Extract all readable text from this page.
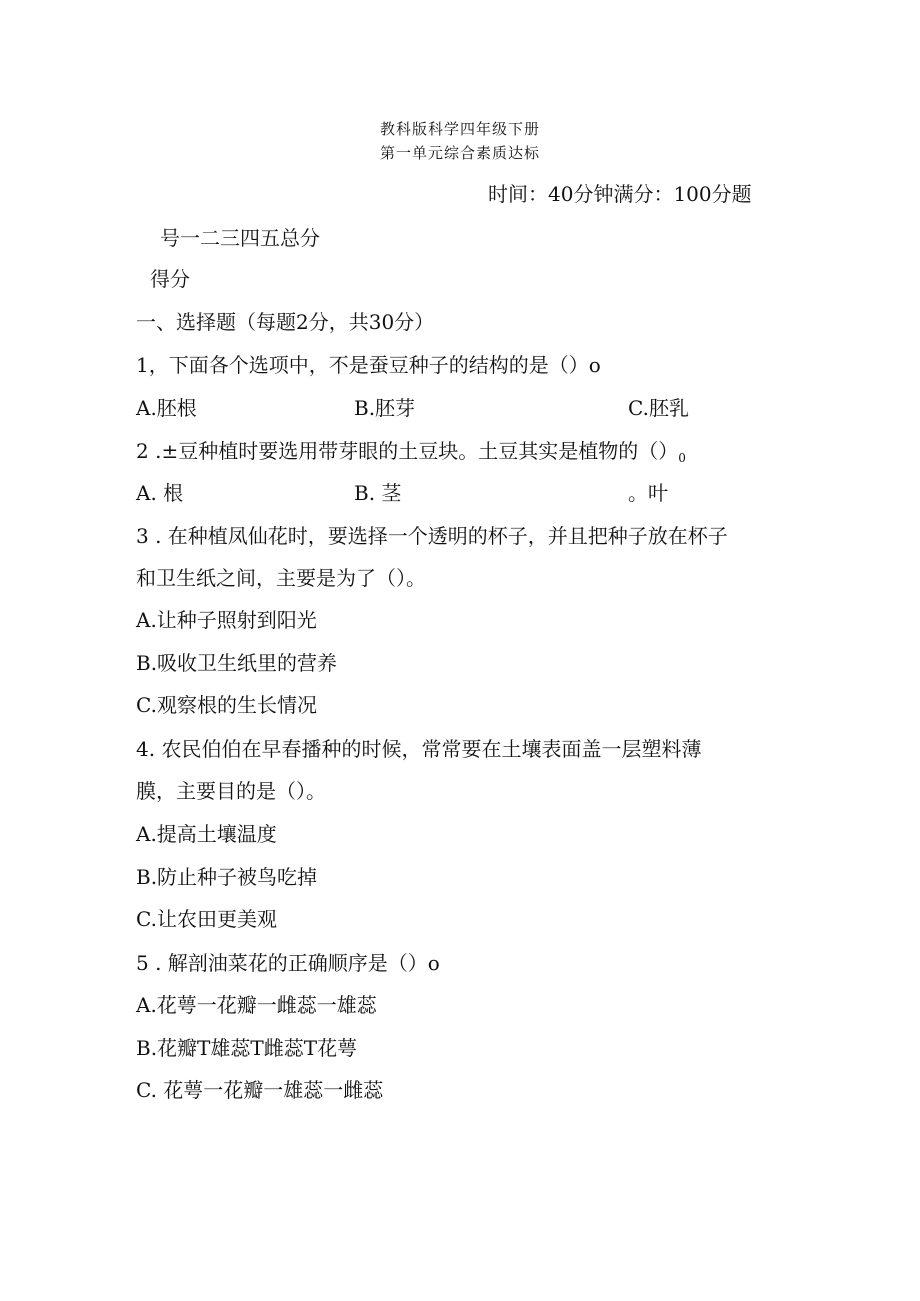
教科版科学四年级下册
第一单元综合素质达标
时间：40分钟满分：100分题
号一二三四五总分
得分
一、选择题（每题2分，共30分）
1，下面各个选项中，不是蚕豆种子的结构的是（）o
A.胚根	B.胚芽	C.胚乳
2 .±豆种植时要选用带芽眼的土豆块。土豆其实是植物的$()_0$
A. 根	B. 茎	。叶
3 . 在种植凤仙花时，要选择一个透明的杯子，并且把种子放在杯子
和卫生纸之间，主要是为了（）。
A.让种子照射到阳光
B.吸收卫生纸里的营养
C.观察根的生长情况
4. 农民伯伯在早春播种的时候，常常要在土壤表面盖一层塑料薄
膜，主要目的是（）。
A.提高土壤温度
B.防止种子被鸟吃掉
C.让农田更美观
5 . 解剖油菜花的正确顺序是（）o
A.花萼一花瓣一雌蕊一雄蕊
B.花瓣T雄蕊T雌蕊T花萼
C. 花萼一花瓣一雄蕊一雌蕊
